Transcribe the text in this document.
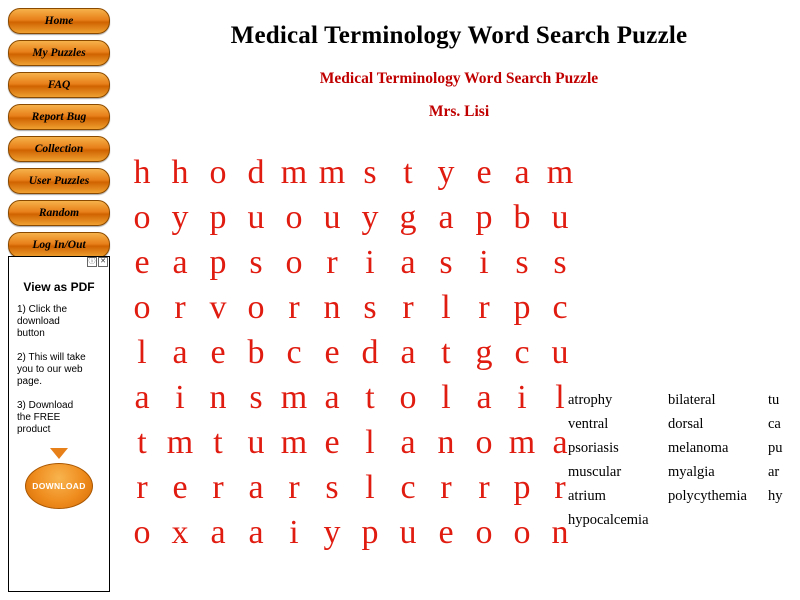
Home
My Puzzles
FAQ
Report Bug
Collection
User Puzzles
Random
Log In/Out
ⓘ ✕
View as PDF
1) Click the download button
2) This will take you to our web page.
3) Download the FREE product
DOWNLOAD
Medical Terminology Word Search Puzzle
Medical Terminology Word Search Puzzle
Mrs. Lisi
h h o d m m s t y e a m
o y p u o u y g a p b u
e a p s o r i a s i s s
o r v o r n s r l r p c
l a e b c e d a t g c u
a i n s m a t o l a i l
t m t u m e l a n o m a
r e r a r s l c r r p r
o x a a i y p u e o o n
atrophy	bilateral	tu
ventral	dorsal	ca
psoriasis	melanoma	pu
muscular	myalgia	ar
atrium	polycythemia	hy
hypocalcemia
